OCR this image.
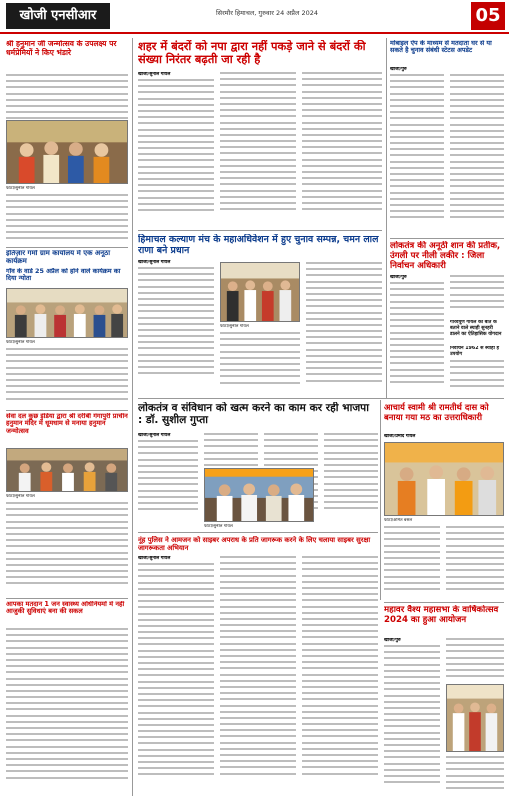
खोजी एनसीआर	सिरमौर हिमाचल, गुरुवार 24 अप्रैल 2024	05
श्री हनुमान जी जन्मोत्सव के उपलक्ष्य पर धर्मप्रेमियों ने किए भंडारे
फोटो/सुनील गोयल
इंतिज़ार गर्मा ग्राम कार्यालय में एक अनूठा कार्यक्रम
गाँव के वार्ड 25 अप्रैल को होने वाले कार्यक्रम का दिया न्योता
फोटो/सुनील गोयल
सेवा दल कुछ इंडिया द्वारा श्री दरीबी गंगापुरी प्राचीन हनुमान मंदिर में धूमधाम से मनाया हनुमान जन्मोत्सव
फोटो/सुनील गोयल
आपका मतदान 1 जन स्वास्थ्य अधिनियमों में नहीं आजुकी सुविधाएं बना की सकल
शहर में बंदरों को नपा द्वारा नहीं पकड़े जाने से बंदरों की संख्या निरंतर बढ़ती जा रही है
खोजी/सुनील गोयल
मोबाइल ऐप के माध्यम से मतदाता घर से या सकते है चुनाव संबंधी स्टेटस अपडेट
खोजी/पुरु
हिमाचल कल्याण मंच के महाअधिवेशन में हुए चुनाव सम्पन्न, चमन लाल राणा बने प्रधान
खोजी/सुनील गोयल
फोटो/सुनील गोयल
लोकतंत्र की अनूठी शान की प्रतीक, उंगली पर नीली लकीर : जिला निर्वाचन अधिकारी
खोजी/पुरु
गौरवपूर्ण गोयल की बात के बताने वाले स्याही सुनहरी डालने का ऐतिहासिक योगदान
निर्वाचन 1962 से स्याही है उपयोग
लोकतंत्र व संविधान को खत्म करने का काम कर रही भाजपा : डॉ. सुशील गुप्ता
खोजी/सुनील गोयल
फोटो/सुनील गोयल
आचार्य स्वामी श्री रामतीर्थ दास को बनाया गया मठ का उत्तराधिकारी
खोजी/प्रमोद गोयल
फोटो/अमित बंसल
नूंह पुलिस ने आमजन को साइबर अपराध के प्रति जागरूक करने के लिए चलाया साइबर सुरक्षा जागरूकता अभियान
खोजी/सुनील गोयल
महावर वैश्य महासभा के वार्षिकोत्सव 2024 का हुआ आयोजन
खोजी/पुरु
